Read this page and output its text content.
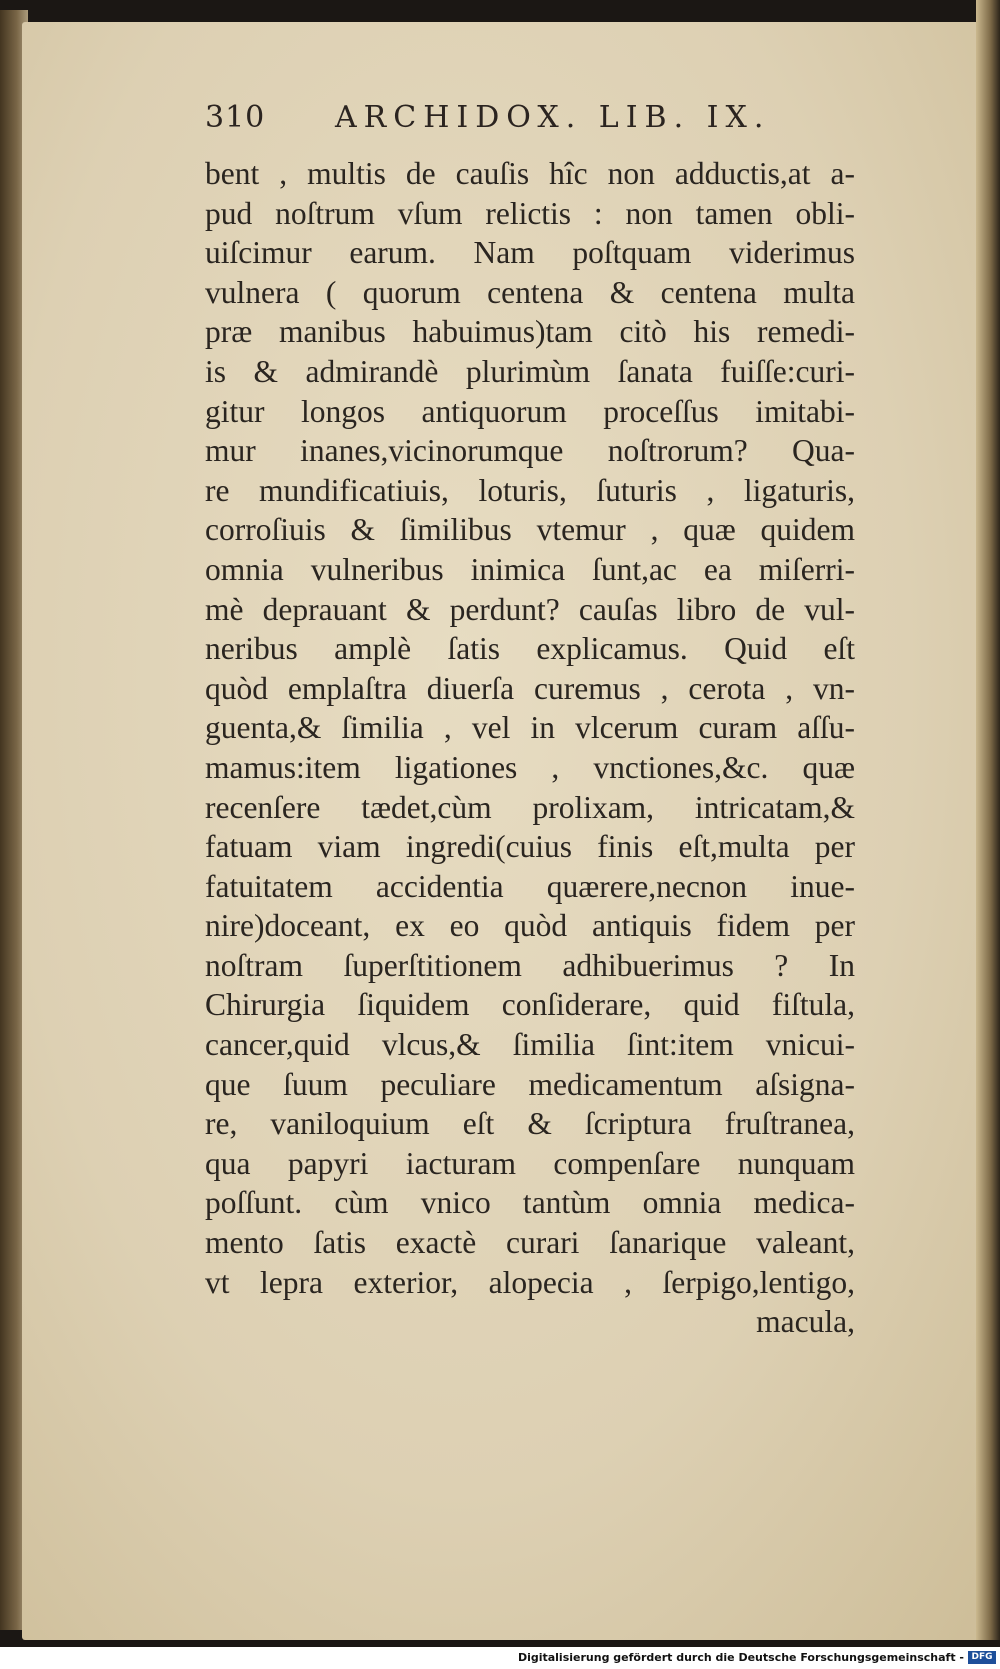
310 ARCHIDOX. LIB. IX.
bent , multis de cauſis hîc non adductis,at a-
pud noſtrum vſum relictis : non tamen obli-
uiſcimur earum. Nam poſtquam viderimus
vulnera ( quorum centena & centena multa
præ manibus habuimus)tam citò his remedi-
is & admirandè plurimùm ſanata fuiſſe:curi-
gitur longos antiquorum proceſſus imitabi-
mur inanes,vicinorumque noſtrorum? Qua-
re mundificatiuis, loturis, ſuturis , ligaturis,
corroſiuis & ſimilibus vtemur , quæ quidem
omnia vulneribus inimica ſunt,ac ea miſerri-
mè deprauant & perdunt? cauſas libro de vul-
neribus amplè ſatis explicamus. Quid eſt
quòd emplaſtra diuerſa curemus , cerota , vn-
guenta,& ſimilia , vel in vlcerum curam aſſu-
mamus:item ligationes , vnctiones,&c. quæ
recenſere tædet,cùm prolixam, intricatam,&
fatuam viam ingredi(cuius finis eſt,multa per
fatuitatem accidentia quærere,necnon inue-
nire)doceant, ex eo quòd antiquis fidem per
noſtram ſuperſtitionem adhibuerimus ? In
Chirurgia ſiquidem conſiderare, quid fiſtula,
cancer,quid vlcus,& ſimilia ſint:item vnicui-
que ſuum peculiare medicamentum aſsigna-
re, vaniloquium eſt & ſcriptura fruſtranea,
qua papyri iacturam compenſare nunquam
poſſunt. cùm vnico tantùm omnia medica-
mento ſatis exactè curari ſanarique valeant,
vt lepra exterior, alopecia , ſerpigo,lentigo,
macula,
Digitalisierung gefördert durch die Deutsche Forschungsgemeinschaft - DFG
